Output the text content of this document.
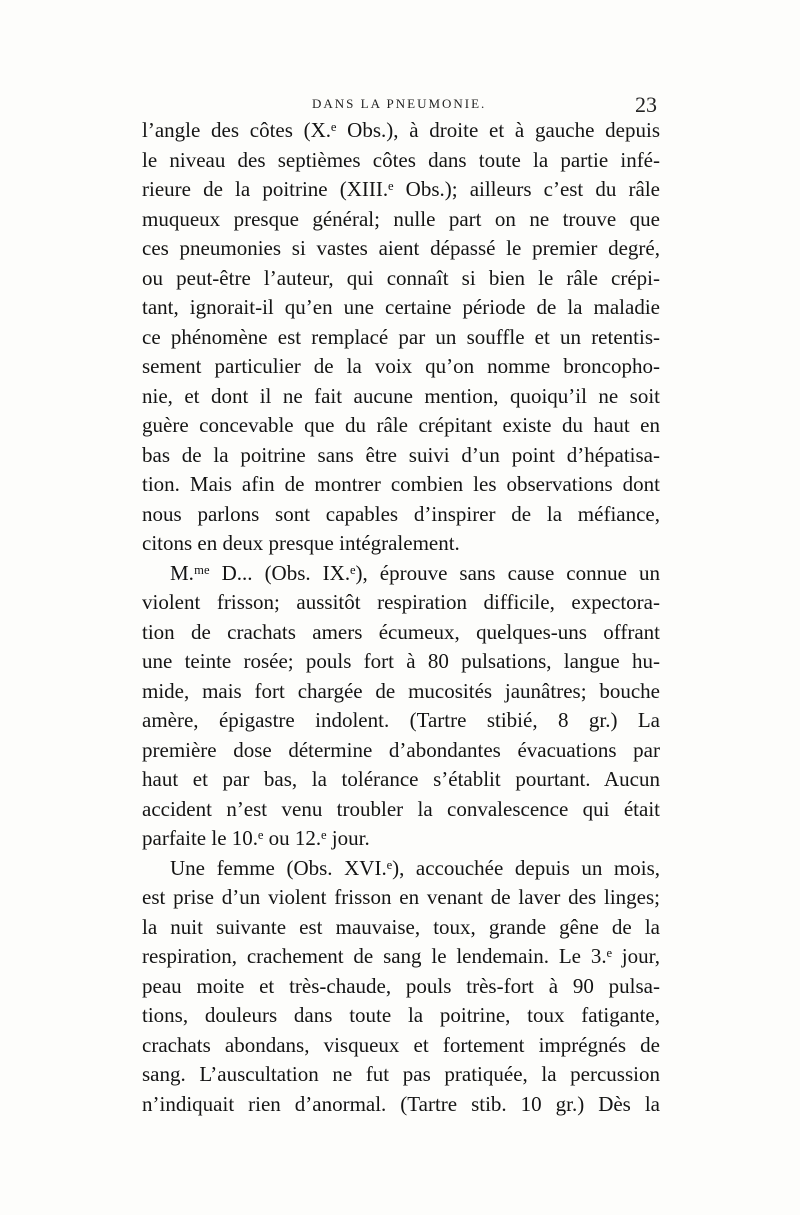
DANS LA PNEUMONIE.	23
l’angle des côtes (X.ᵉ Obs.), à droite et à gauche depuis
le niveau des septièmes côtes dans toute la partie infé-
rieure de la poitrine (XIII.ᵉ Obs.); ailleurs c’est du râle
muqueux presque général; nulle part on ne trouve que
ces pneumonies si vastes aient dépassé le premier degré,
ou peut-être l’auteur, qui connaît si bien le râle crépi-
tant, ignorait-il qu’en une certaine période de la maladie
ce phénomène est remplacé par un souffle et un retentis-
sement particulier de la voix qu’on nomme broncopho-
nie, et dont il ne fait aucune mention, quoiqu’il ne soit
guère concevable que du râle crépitant existe du haut en
bas de la poitrine sans être suivi d’un point d’hépatisa-
tion. Mais afin de montrer combien les observations dont
nous parlons sont capables d’inspirer de la méfiance,
citons en deux presque intégralement.
M.ᵐᵉ D... (Obs. IX.ᵉ), éprouve sans cause connue un
violent frisson; aussitôt respiration difficile, expectora-
tion de crachats amers écumeux, quelques-uns offrant
une teinte rosée; pouls fort à 80 pulsations, langue hu-
mide, mais fort chargée de mucosités jaunâtres; bouche
amère, épigastre indolent. (Tartre stibié, 8 gr.) La
première dose détermine d’abondantes évacuations par
haut et par bas, la tolérance s’établit pourtant. Aucun
accident n’est venu troubler la convalescence qui était
parfaite le 10.ᵉ ou 12.ᵉ jour.
Une femme (Obs. XVI.ᵉ), accouchée depuis un mois,
est prise d’un violent frisson en venant de laver des linges;
la nuit suivante est mauvaise, toux, grande gêne de la
respiration, crachement de sang le lendemain. Le 3.ᵉ jour,
peau moite et très-chaude, pouls très-fort à 90 pulsa-
tions, douleurs dans toute la poitrine, toux fatigante,
crachats abondans, visqueux et fortement imprégnés de
sang. L’auscultation ne fut pas pratiquée, la percussion
n’indiquait rien d’anormal. (Tartre stib. 10 gr.) Dès la
